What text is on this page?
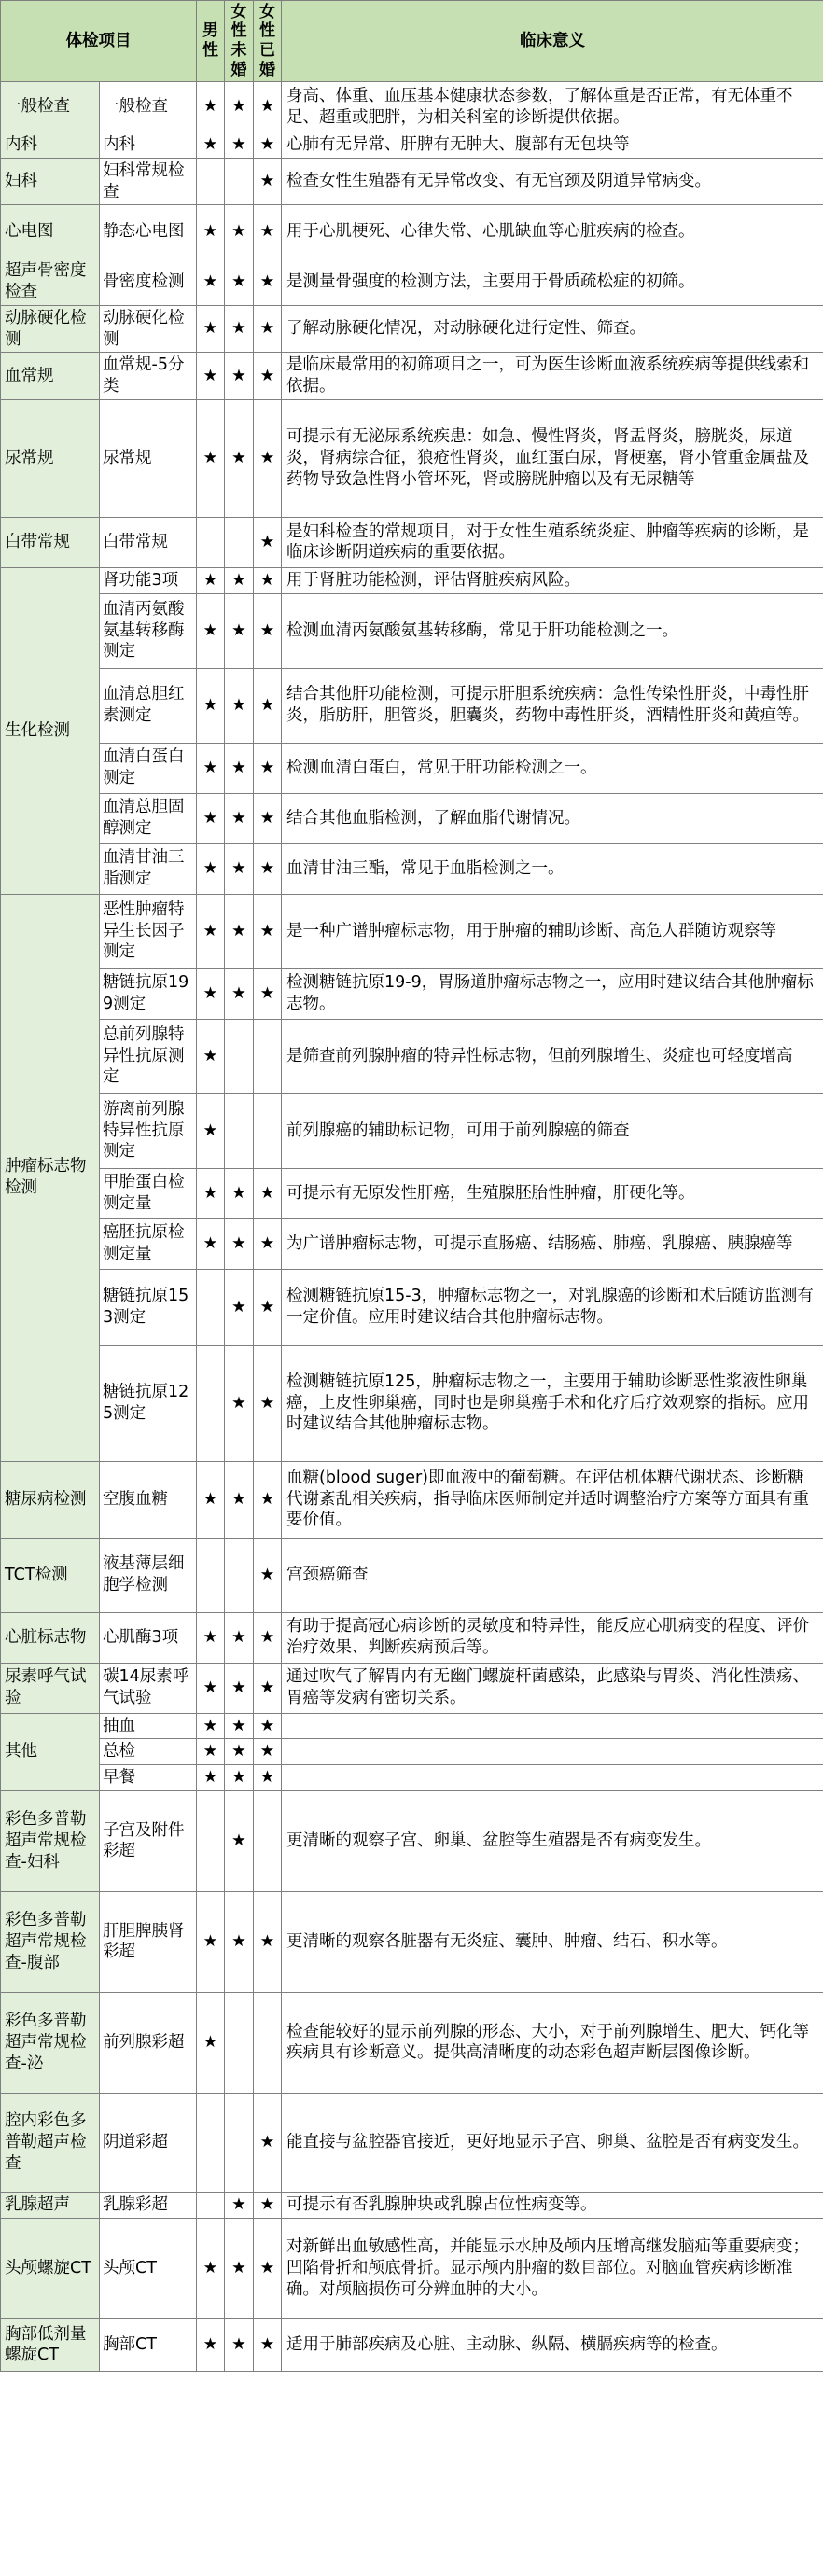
体检项目		男性	女性未婚	女性已婚	临床意义
一般检查	一般检查	★	★	★	身高、体重、血压基本健康状态参数，了解体重是否正常，有无体重不足、超重或肥胖，为相关科室的诊断提供依据。
内科	内科	★	★	★	心肺有无异常、肝脾有无肿大、腹部有无包块等
妇科	妇科常规检查			★	检查女性生殖器有无异常改变、有无宫颈及阴道异常病变。
心电图	静态心电图	★	★	★	用于心肌梗死、心律失常、心肌缺血等心脏疾病的检查。
超声骨密度检查	骨密度检测	★	★	★	是测量骨强度的检测方法，主要用于骨质疏松症的初筛。
动脉硬化检测	动脉硬化检测	★	★	★	了解动脉硬化情况，对动脉硬化进行定性、筛查。
血常规	血常规-5分类	★	★	★	是临床最常用的初筛项目之一，可为医生诊断血液系统疾病等提供线索和依据。
尿常规	尿常规	★	★	★	可提示有无泌尿系统疾患：如急、慢性肾炎，肾盂肾炎，膀胱炎，尿道炎，肾病综合征，狼疮性肾炎，血红蛋白尿，肾梗塞，肾小管重金属盐及药物导致急性肾小管坏死，肾或膀胱肿瘤以及有无尿糖等
白带常规	白带常规			★	是妇科检查的常规项目，对于女性生殖系统炎症、肿瘤等疾病的诊断，是临床诊断阴道疾病的重要依据。
生化检测	肾功能3项	★	★	★	用于肾脏功能检测，评估肾脏疾病风险。
	血清丙氨酸氨基转移酶测定	★	★	★	检测血清丙氨酸氨基转移酶，常见于肝功能检测之一。
	血清总胆红素测定	★	★	★	结合其他肝功能检测，可提示肝胆系统疾病：急性传染性肝炎，中毒性肝炎，脂肪肝，胆管炎，胆囊炎，药物中毒性肝炎，酒精性肝炎和黄疸等。
	血清白蛋白测定	★	★	★	检测血清白蛋白，常见于肝功能检测之一。
	血清总胆固醇测定	★	★	★	结合其他血脂检测，了解血脂代谢情况。
	血清甘油三脂测定	★	★	★	血清甘油三酯，常见于血脂检测之一。
肿瘤标志物检测	恶性肿瘤特异生长因子测定	★	★	★	是一种广谱肿瘤标志物，用于肿瘤的辅助诊断、高危人群随访观察等
	糖链抗原199测定	★	★	★	检测糖链抗原19-9，胃肠道肿瘤标志物之一，应用时建议结合其他肿瘤标志物。
	总前列腺特异性抗原测定	★			是筛查前列腺肿瘤的特异性标志物，但前列腺增生、炎症也可轻度增高
	游离前列腺特异性抗原测定	★			前列腺癌的辅助标记物，可用于前列腺癌的筛查
	甲胎蛋白检测定量	★	★	★	可提示有无原发性肝癌，生殖腺胚胎性肿瘤，肝硬化等。
	癌胚抗原检测定量	★	★	★	为广谱肿瘤标志物，可提示直肠癌、结肠癌、肺癌、乳腺癌、胰腺癌等
	糖链抗原153测定		★	★	检测糖链抗原15-3，肿瘤标志物之一，对乳腺癌的诊断和术后随访监测有一定价值。应用时建议结合其他肿瘤标志物。
	糖链抗原125测定		★	★	检测糖链抗原125，肿瘤标志物之一，主要用于辅助诊断恶性浆液性卵巢癌，上皮性卵巢癌，同时也是卵巢癌手术和化疗后疗效观察的指标。应用时建议结合其他肿瘤标志物。
糖尿病检测	空腹血糖	★	★	★	血糖(blood suger)即血液中的葡萄糖。在评估机体糖代谢状态、诊断糖代谢紊乱相关疾病，指导临床医师制定并适时调整治疗方案等方面具有重要价值。
TCT检测	液基薄层细胞学检测			★	宫颈癌筛查
心脏标志物	心肌酶3项	★	★	★	有助于提高冠心病诊断的灵敏度和特异性，能反应心肌病变的程度、评价治疗效果、判断疾病预后等。
尿素呼气试验	碳14尿素呼气试验	★	★	★	通过吹气了解胃内有无幽门螺旋杆菌感染，此感染与胃炎、消化性溃疡、胃癌等发病有密切关系。
其他	抽血	★	★	★	
	总检	★	★	★	
	早餐	★	★	★	
彩色多普勒超声常规检查-妇科	子宫及附件彩超		★		更清晰的观察子宫、卵巢、盆腔等生殖器是否有病变发生。
彩色多普勒超声常规检查-腹部	肝胆脾胰肾彩超	★	★	★	更清晰的观察各脏器有无炎症、囊肿、肿瘤、结石、积水等。
彩色多普勒超声常规检查-泌	前列腺彩超	★			检查能较好的显示前列腺的形态、大小，对于前列腺增生、肥大、钙化等疾病具有诊断意义。提供高清晰度的动态彩色超声断层图像诊断。
腔内彩色多普勒超声检查	阴道彩超			★	能直接与盆腔器官接近，更好地显示子宫、卵巢、盆腔是否有病变发生。
乳腺超声	乳腺彩超		★	★	可提示有否乳腺肿块或乳腺占位性病变等。
头颅螺旋CT	头颅CT	★	★	★	对新鲜出血敏感性高，并能显示水肿及颅内压增高继发脑疝等重要病变；凹陷骨折和颅底骨折。显示颅内肿瘤的数目部位。对脑血管疾病诊断准确。对颅脑损伤可分辨血肿的大小。
胸部低剂量螺旋CT	胸部CT	★	★	★	适用于肺部疾病及心脏、主动脉、纵隔、横膈疾病等的检查。
